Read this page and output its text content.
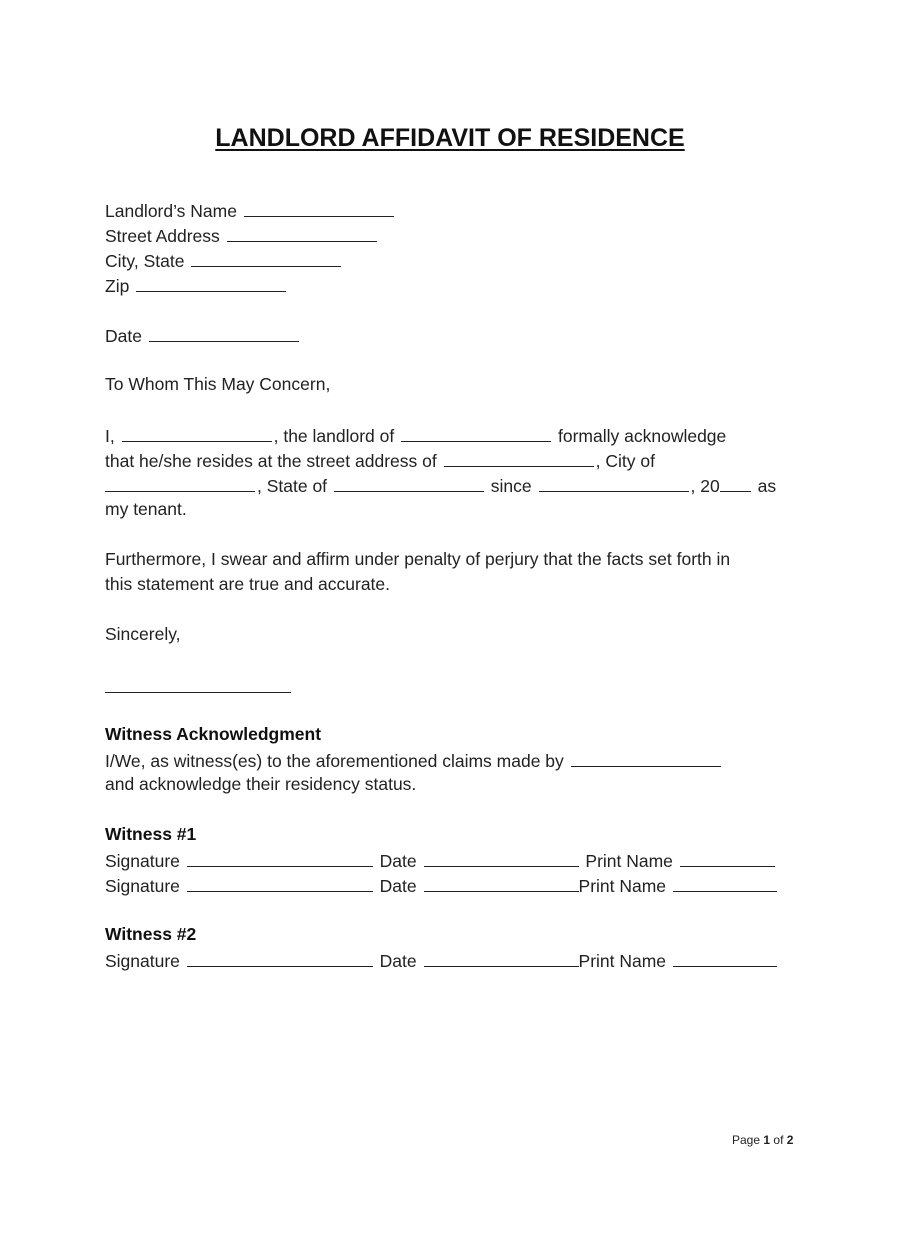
LANDLORD AFFIDAVIT OF RESIDENCE
Landlord’s Name
Street Address
City, State
Zip
Date
To Whom This May Concern,
I,	, the landlord of	formally acknowledge
that he/she resides at the street address of	, City of
, State of	since	, 20 as
my tenant.
Furthermore, I swear and affirm under penalty of perjury that the facts set forth in
this statement are true and accurate.
Sincerely,
Witness Acknowledgment
I/We, as witness(es) to the aforementioned claims made by
and acknowledge their residency status.
Witness #1
Signature	Date	Print Name
Signature	Date	Print Name
Witness #2
Signature	Date	Print Name
Page 1 of 2
